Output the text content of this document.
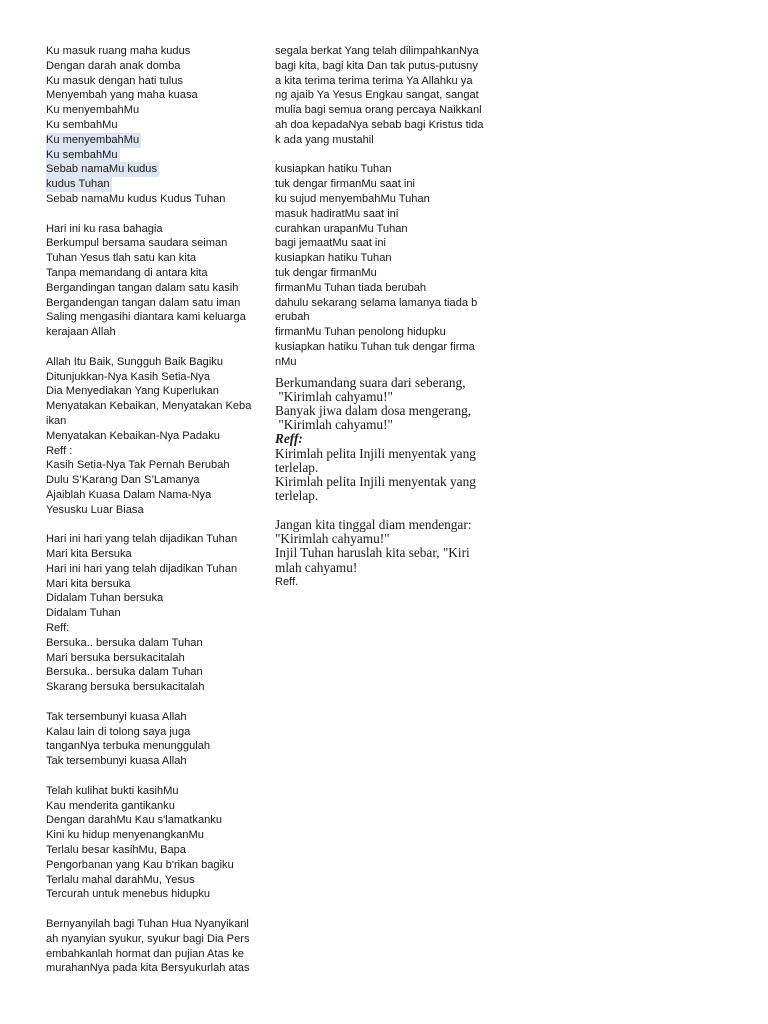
Ku masuk ruang maha kudus
Dengan darah anak domba
Ku masuk dengan hati tulus
Menyembah yang maha kuasa
Ku menyembahMu
Ku sembahMu
Ku menyembahMu
Ku sembahMu
Sebab namaMu kudus
kudus Tuhan
Sebab namaMu kudus Kudus Tuhan
Hari ini ku rasa bahagia
Berkumpul bersama saudara seiman
Tuhan Yesus tlah satu kan kita
Tanpa memandang di antara kita
Bergandingan tangan dalam satu kasih
Bergandengan tangan dalam satu iman
Saling mengasihi diantara kami keluarga
kerajaan Allah
Allah Itu Baik, Sungguh Baik Bagiku
Ditunjukkan-Nya Kasih Setia-Nya
Dia Menyediakan Yang Kuperlukan
Menyatakan Kebaikan, Menyatakan Keba
ikan
Menyatakan Kebaikan-Nya Padaku
Reff :
Kasih Setia-Nya Tak Pernah Berubah
Dulu S’Karang Dan S’Lamanya
Ajaiblah Kuasa Dalam Nama-Nya
Yesusku Luar Biasa
Hari ini hari yang telah dijadikan Tuhan
Mari kita Bersuka
Hari ini hari yang telah dijadikan Tuhan
Mari kita bersuka
Didalam Tuhan bersuka
Didalam Tuhan
Reff:
Bersuka.. bersuka dalam Tuhan
Mari bersuka bersukacitalah
Bersuka.. bersuka dalam Tuhan
Skarang bersuka bersukacitalah
Tak tersembunyi kuasa Allah
Kalau lain di tolong saya juga
tanganNya terbuka menunggulah
Tak tersembunyi kuasa Allah
Telah kulihat bukti kasihMu
Kau menderita gantikanku
Dengan darahMu Kau s'lamatkanku
Kini ku hidup menyenangkanMu
Terlalu besar kasihMu, Bapa
Pengorbanan yang Kau b'rikan bagiku
Terlalu mahal darahMu, Yesus
Tercurah untuk menebus hidupku
Bernyanyilah bagi Tuhan Hua Nyanyikanl
ah nyanyian syukur, syukur bagi Dia Pers
embahkanlah hormat dan pujian Atas ke
murahanNya pada kita Bersyukurlah atas
segala berkat Yang telah dilimpahkanNya
bagi kita, bagi kita Dan tak putus-putusny
a kita terima terima terima Ya Allahku ya
ng ajaib Ya Yesus Engkau sangat, sangat
mulia bagi semua orang percaya Naikkanl
ah doa kepadaNya sebab bagi Kristus tida
k ada yang mustahil
kusiapkan hatiku Tuhan
tuk dengar firmanMu saat ini
ku sujud menyembahMu Tuhan
masuk hadiratMu saat ini
curahkan urapanMu Tuhan
bagi jemaatMu saat ini
kusiapkan hatiku Tuhan
tuk dengar firmanMu
firmanMu Tuhan tiada berubah
dahulu sekarang selama lamanya tiada b
erubah
firmanMu Tuhan penolong hidupku
kusiapkan hatiku Tuhan tuk dengar firma
nMu
Berkumandang suara dari seberang,
"Kirimlah cahyamu!"
Banyak jiwa dalam dosa mengerang,
"Kirimlah cahyamu!"
Reff:
Kirimlah pelita Injili menyentak yang
terlelap.
Kirimlah pelita Injili menyentak yang
terlelap.
Jangan kita tinggal diam mendengar:
"Kirimlah cahyamu!"
Injil Tuhan haruslah kita sebar, "Kiri
mlah cahyamu!
Reff.
